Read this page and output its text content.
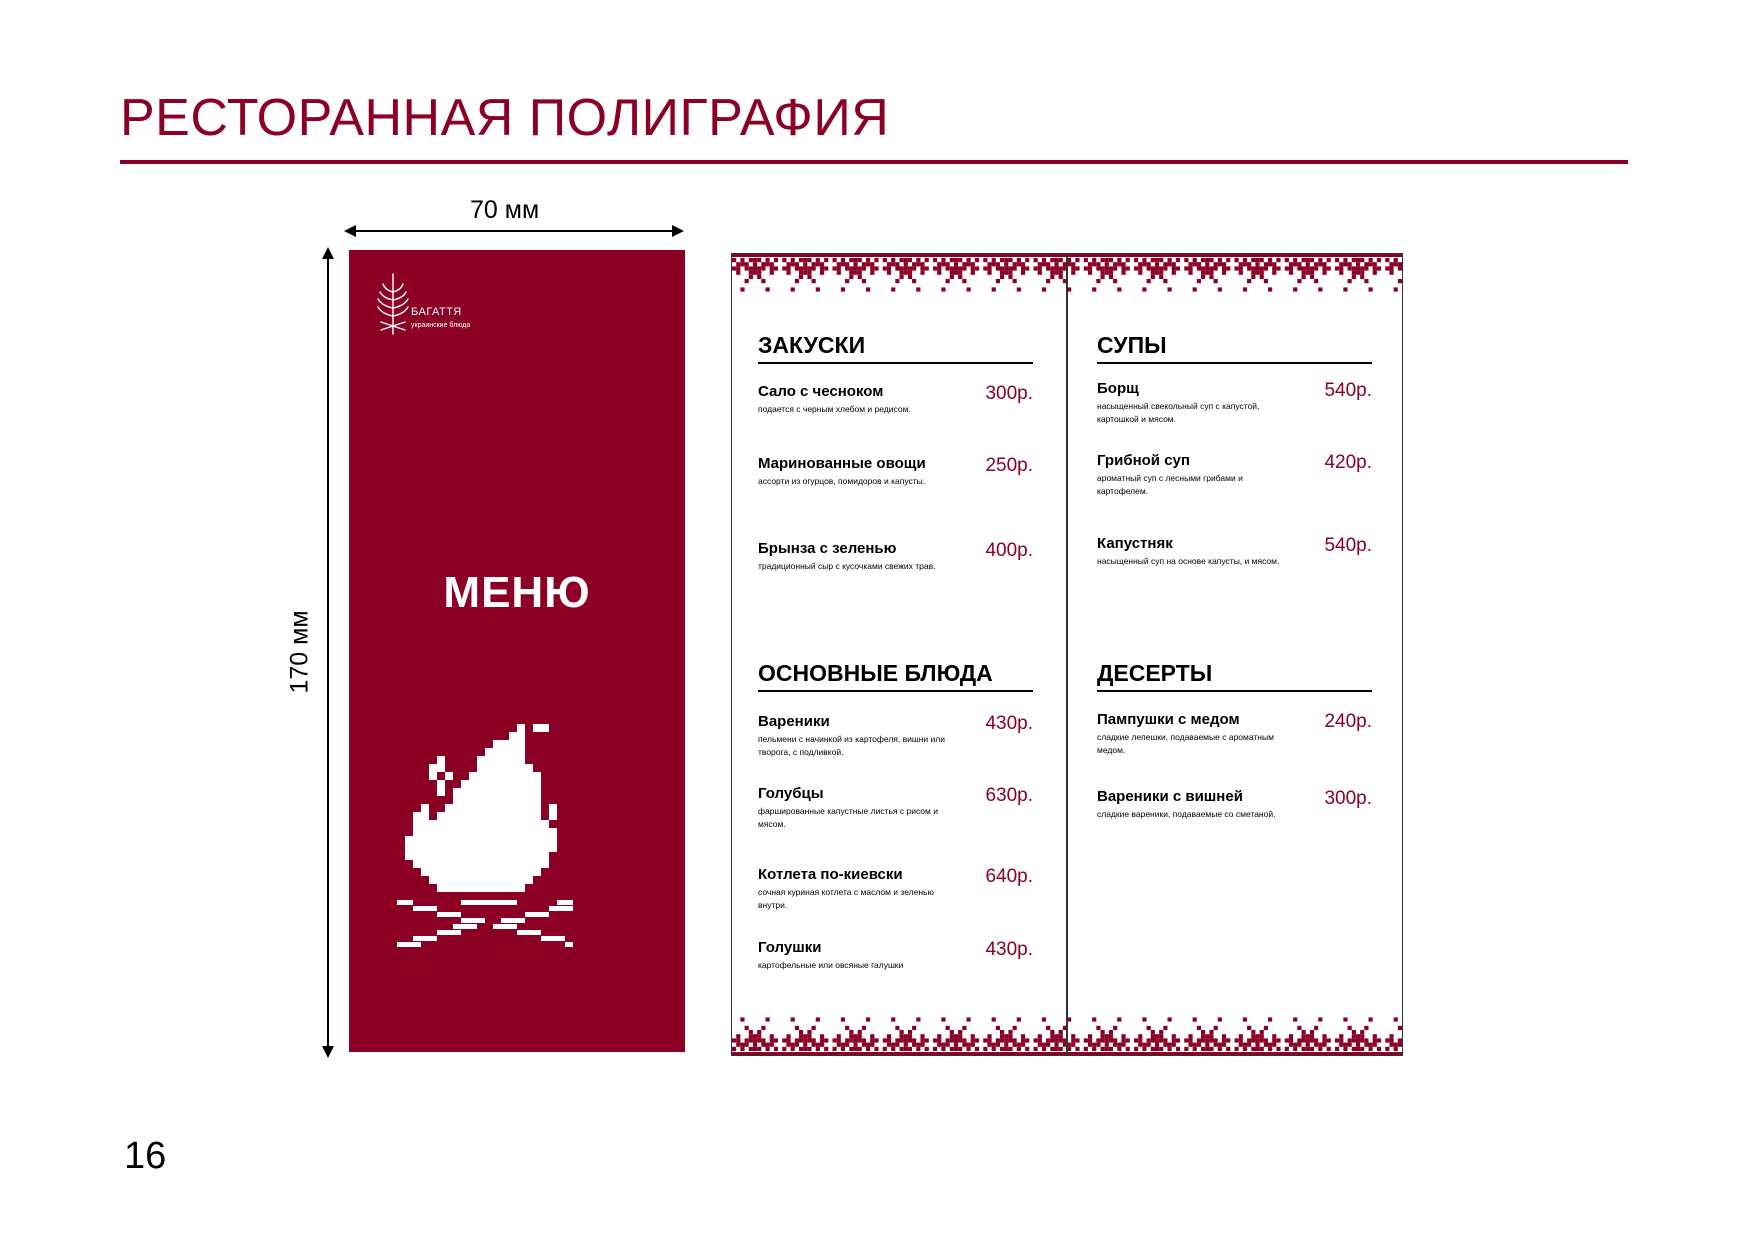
РЕСТОРАННАЯ ПОЛИГРАФИЯ
70 мм
170 мм
БАГАТТЯ
украинские блюда
МЕНЮ
ЗАКУСКИ
Сало с чесноком	300р.
подается с черным хлебом и редисом.
Маринованные овощи	250р.
ассорти из огурцов, помидоров и капусты.
Брынза с зеленью	400р.
традиционный сыр с кусочками свежих трав.
СУПЫ
Борщ	540р.
насыщенный свекольный суп с капустой, картошкой и мясом.
Грибной суп	420р.
ароматный суп с лесными грибами и картофелем.
Капустняк	540р.
насыщенный суп на основе капусты, и мясом.
ОСНОВНЫЕ БЛЮДА
Вареники	430р.
пельмени с начинкой из картофеля, вишни или творога, с подливкой.
Голубцы	630р.
фаршированные капустные листья с рисом и мясом.
Котлета по-киевски	640р.
сочная куриная котлета с маслом и зеленью внутри.
Голушки	430р.
картофельные или овсяные галушки
ДЕСЕРТЫ
Пампушки с медом	240р.
сладкие лепешки, подаваемые с ароматным медом.
Вареники с вишней	300р.
сладкие вареники, подаваемые со сметаной.
16
